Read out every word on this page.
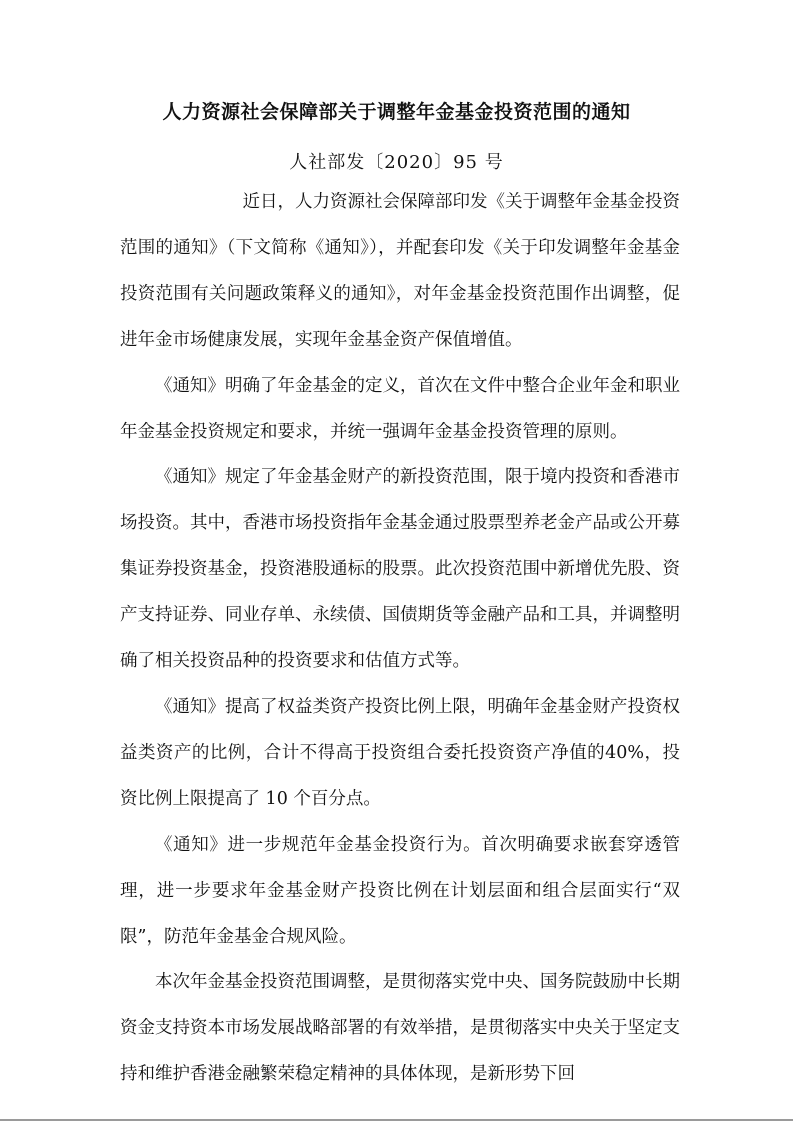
人力资源社会保障部关于调整年金基金投资范围的通知
人社部发〔2020〕95 号

近日，人力资源社会保障部印发《关于调整年金基金投资范围的通知》（下文简称《通知》），并配套印发《关于印发调整年金基金投资范围有关问题政策释义的通知》，对年金基金投资范围作出调整，促进年金市场健康发展，实现年金基金资产保值增值。

《通知》明确了年金基金的定义，首次在文件中整合企业年金和职业年金基金投资规定和要求，并统一强调年金基金投资管理的原则。

《通知》规定了年金基金财产的新投资范围，限于境内投资和香港市场投资。其中，香港市场投资指年金基金通过股票型养老金产品或公开募集证券投资基金，投资港股通标的股票。此次投资范围中新增优先股、资产支持证券、同业存单、永续债、国债期货等金融产品和工具，并调整明确了相关投资品种的投资要求和估值方式等。

《通知》提高了权益类资产投资比例上限，明确年金基金财产投资权益类资产的比例，合计不得高于投资组合委托投资资产净值的40%，投资比例上限提高了 10 个百分点。

《通知》进一步规范年金基金投资行为。首次明确要求嵌套穿透管理，进一步要求年金基金财产投资比例在计划层面和组合层面实行“双限”，防范年金基金合规风险。

本次年金基金投资范围调整，是贯彻落实党中央、国务院鼓励中长期资金支持资本市场发展战略部署的有效举措，是贯彻落实中央关于坚定支持和维护香港金融繁荣稳定精神的具体体现，是新形势下回
